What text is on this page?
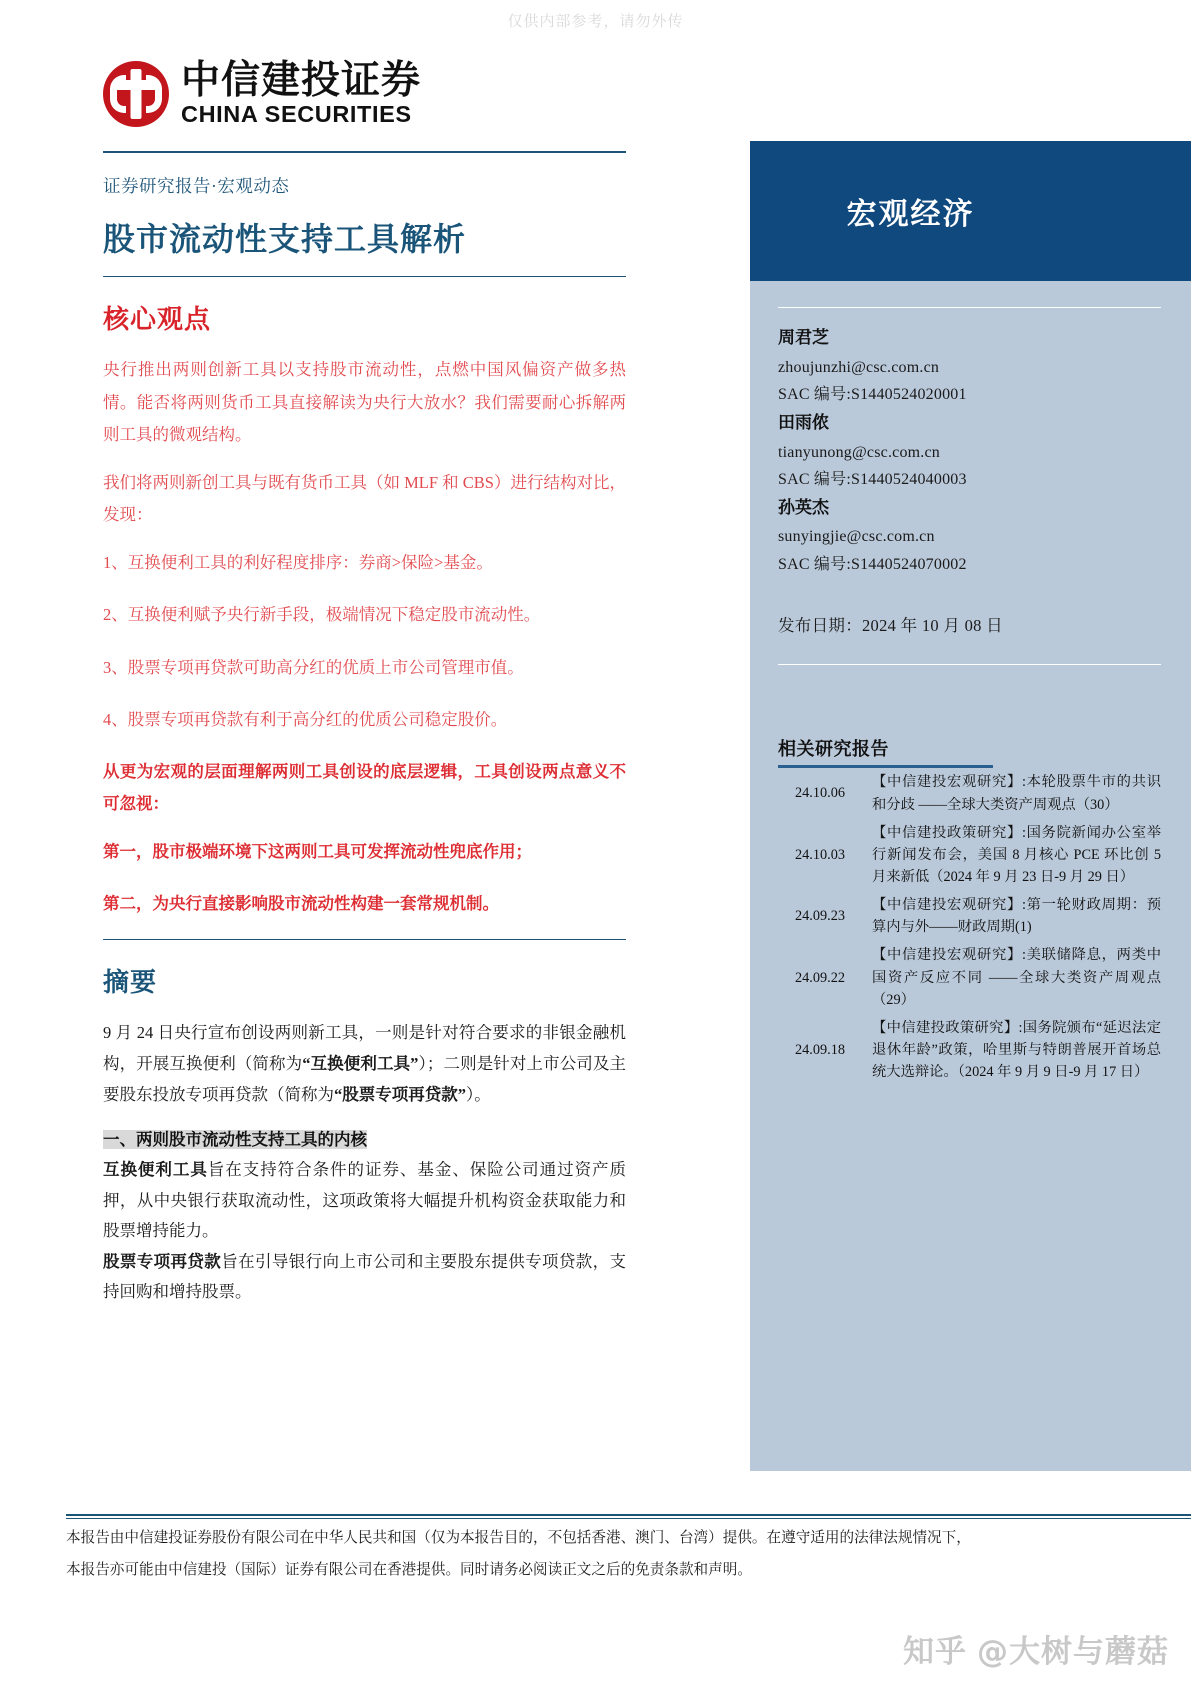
仅供内部参考，请勿外传
中信建投证券
CHINA SECURITIES
证券研究报告·宏观动态
股市流动性支持工具解析
核心观点

央行推出两则创新工具以支持股市流动性，点燃中国风偏资产做多热情。能否将两则货币工具直接解读为央行大放水？我们需要耐心拆解两则工具的微观结构。

我们将两则新创工具与既有货币工具（如 MLF 和 CBS）进行结构对比，发现：

1、互换便利工具的利好程度排序：券商>保险>基金。

2、互换便利赋予央行新手段，极端情况下稳定股市流动性。

3、股票专项再贷款可助高分红的优质上市公司管理市值。

4、股票专项再贷款有利于高分红的优质公司稳定股价。

从更为宏观的层面理解两则工具创设的底层逻辑，工具创设两点意义不可忽视：

第一，股市极端环境下这两则工具可发挥流动性兜底作用；

第二，为央行直接影响股市流动性构建一套常规机制。

摘要

9 月 24 日央行宣布创设两则新工具，一则是针对符合要求的非银金融机构，开展互换便利（简称为“互换便利工具”）；二则是针对上市公司及主要股东投放专项再贷款（简称为“股票专项再贷款”）。

一、两则股市流动性支持工具的内核

互换便利工具旨在支持符合条件的证券、基金、保险公司通过资产质押，从中央银行获取流动性，这项政策将大幅提升机构资金获取能力和股票增持能力。

股票专项再贷款旨在引导银行向上市公司和主要股东提供专项贷款，支持回购和增持股票。

宏观经济
周君芝
zhoujunzhi@csc.com.cn
SAC 编号:S1440524020001
田雨侬
tianyunong@csc.com.cn
SAC 编号:S1440524040003
孙英杰
sunyingjie@csc.com.cn
SAC 编号:S1440524070002
发布日期：2024 年 10 月 08 日
相关研究报告
24.10.06	【中信建投宏观研究】:本轮股票牛市的共识和分歧 ——全球大类资产周观点（30）
24.10.03	【中信建投政策研究】:国务院新闻办公室举行新闻发布会，美国 8 月核心 PCE 环比创 5 月来新低（2024 年 9 月 23 日-9 月 29 日）
24.09.23	【中信建投宏观研究】:第一轮财政周期：预算内与外——财政周期(1)
24.09.22	【中信建投宏观研究】:美联储降息，两类中国资产反应不同 ——全球大类资产周观点（29）
24.09.18	【中信建投政策研究】:国务院颁布“延迟法定退休年龄”政策，哈里斯与特朗普展开首场总统大选辩论。（2024 年 9 月 9 日-9 月 17 日）
本报告由中信建投证券股份有限公司在中华人民共和国（仅为本报告目的，不包括香港、澳门、台湾）提供。在遵守适用的法律法规情况下，
本报告亦可能由中信建投（国际）证券有限公司在香港提供。同时请务必阅读正文之后的免责条款和声明。
知乎 @大树与蘑菇
